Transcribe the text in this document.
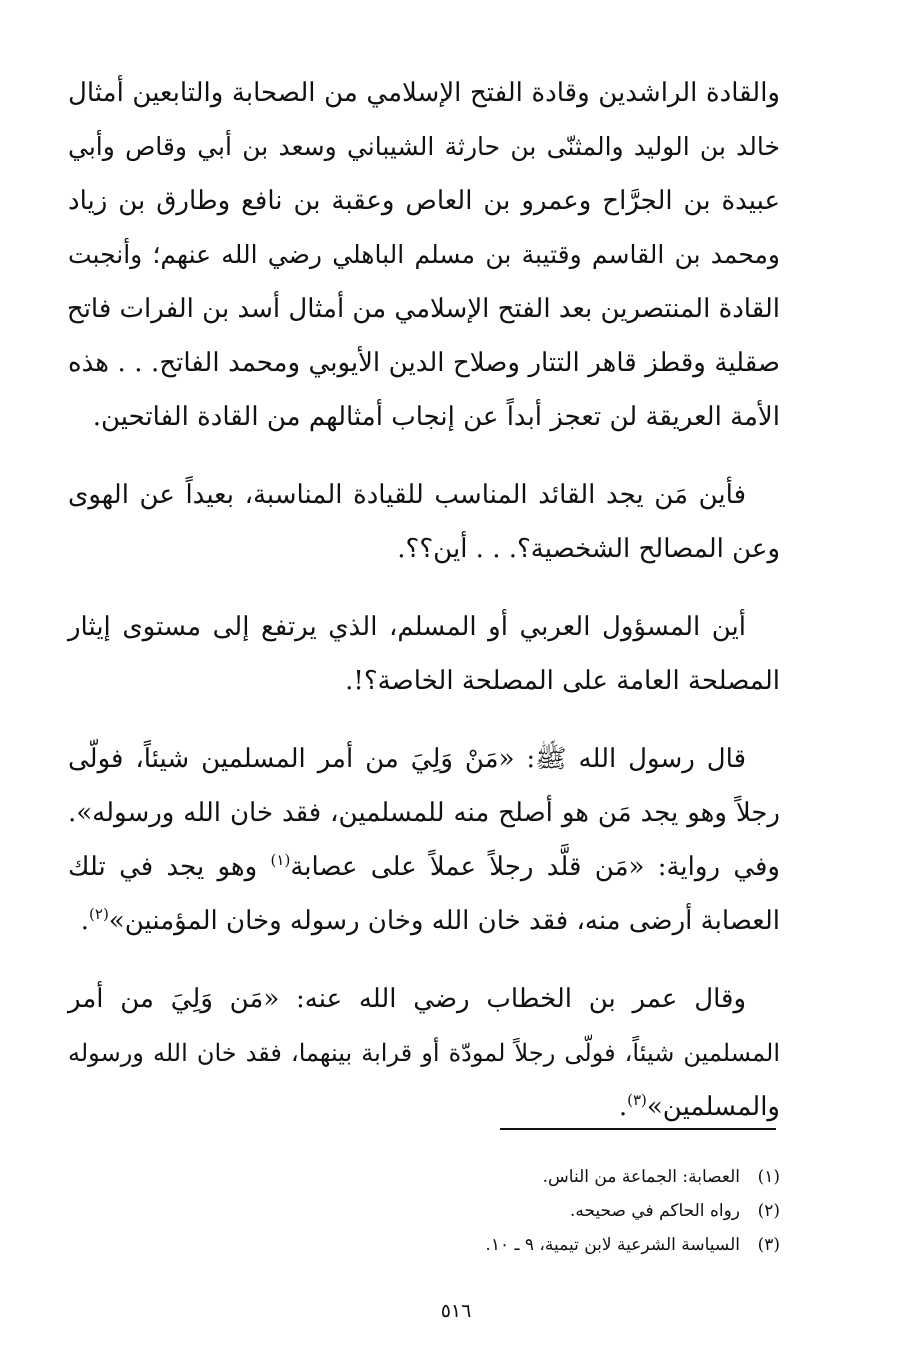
والقادة الراشدين وقادة الفتح الإسلامي من الصحابة والتابعين أمثال
خالد بن الوليد والمثنّى بن حارثة الشيباني وسعد بن أبي وقاص وأبي
عبيدة بن الجرَّاح وعمرو بن العاص وعقبة بن نافع وطارق بن زياد
ومحمد بن القاسم وقتيبة بن مسلم الباهلي رضي الله عنهم؛ وأنجبت
القادة المنتصرين بعد الفتح الإسلامي من أمثال أسد بن الفرات فاتح
صقلية وقطز قاهر التتار وصلاح الدين الأيوبي ومحمد الفاتح. . . هذه
الأمة العريقة لن تعجز أبداً عن إنجاب أمثالهم من القادة الفاتحين.
فأين مَن يجد القائد المناسب للقيادة المناسبة، بعيداً عن الهوى
وعن المصالح الشخصية؟. . . أين؟؟.
أين المسؤول العربي أو المسلم، الذي يرتفع إلى مستوى إيثار
المصلحة العامة على المصلحة الخاصة؟!.
قال رسول الله ﷺ: «مَنْ وَلِيَ من أمر المسلمين شيئاً، فولّى
رجلاً وهو يجد مَن هو أصلح منه للمسلمين، فقد خان الله ورسوله».
وفي رواية: «مَن قلَّد رجلاً عملاً على عصابة$^{(١)}$ وهو يجد في تلك
العصابة أرضى منه، فقد خان الله وخان رسوله وخان المؤمنين»$^{(٢)}$.
وقال عمر بن الخطاب رضي الله عنه: «مَن وَلِيَ من أمر
المسلمين شيئاً، فولّى رجلاً لمودّة أو قرابة بينهما، فقد خان الله ورسوله
والمسلمين»$^{(٣)}$.
(١)
العصابة: الجماعة من الناس.
(٢)
رواه الحاكم في صحيحه.
(٣)
السياسة الشرعية لابن تيمية، ٩ ـ ١٠.
٥١٦
